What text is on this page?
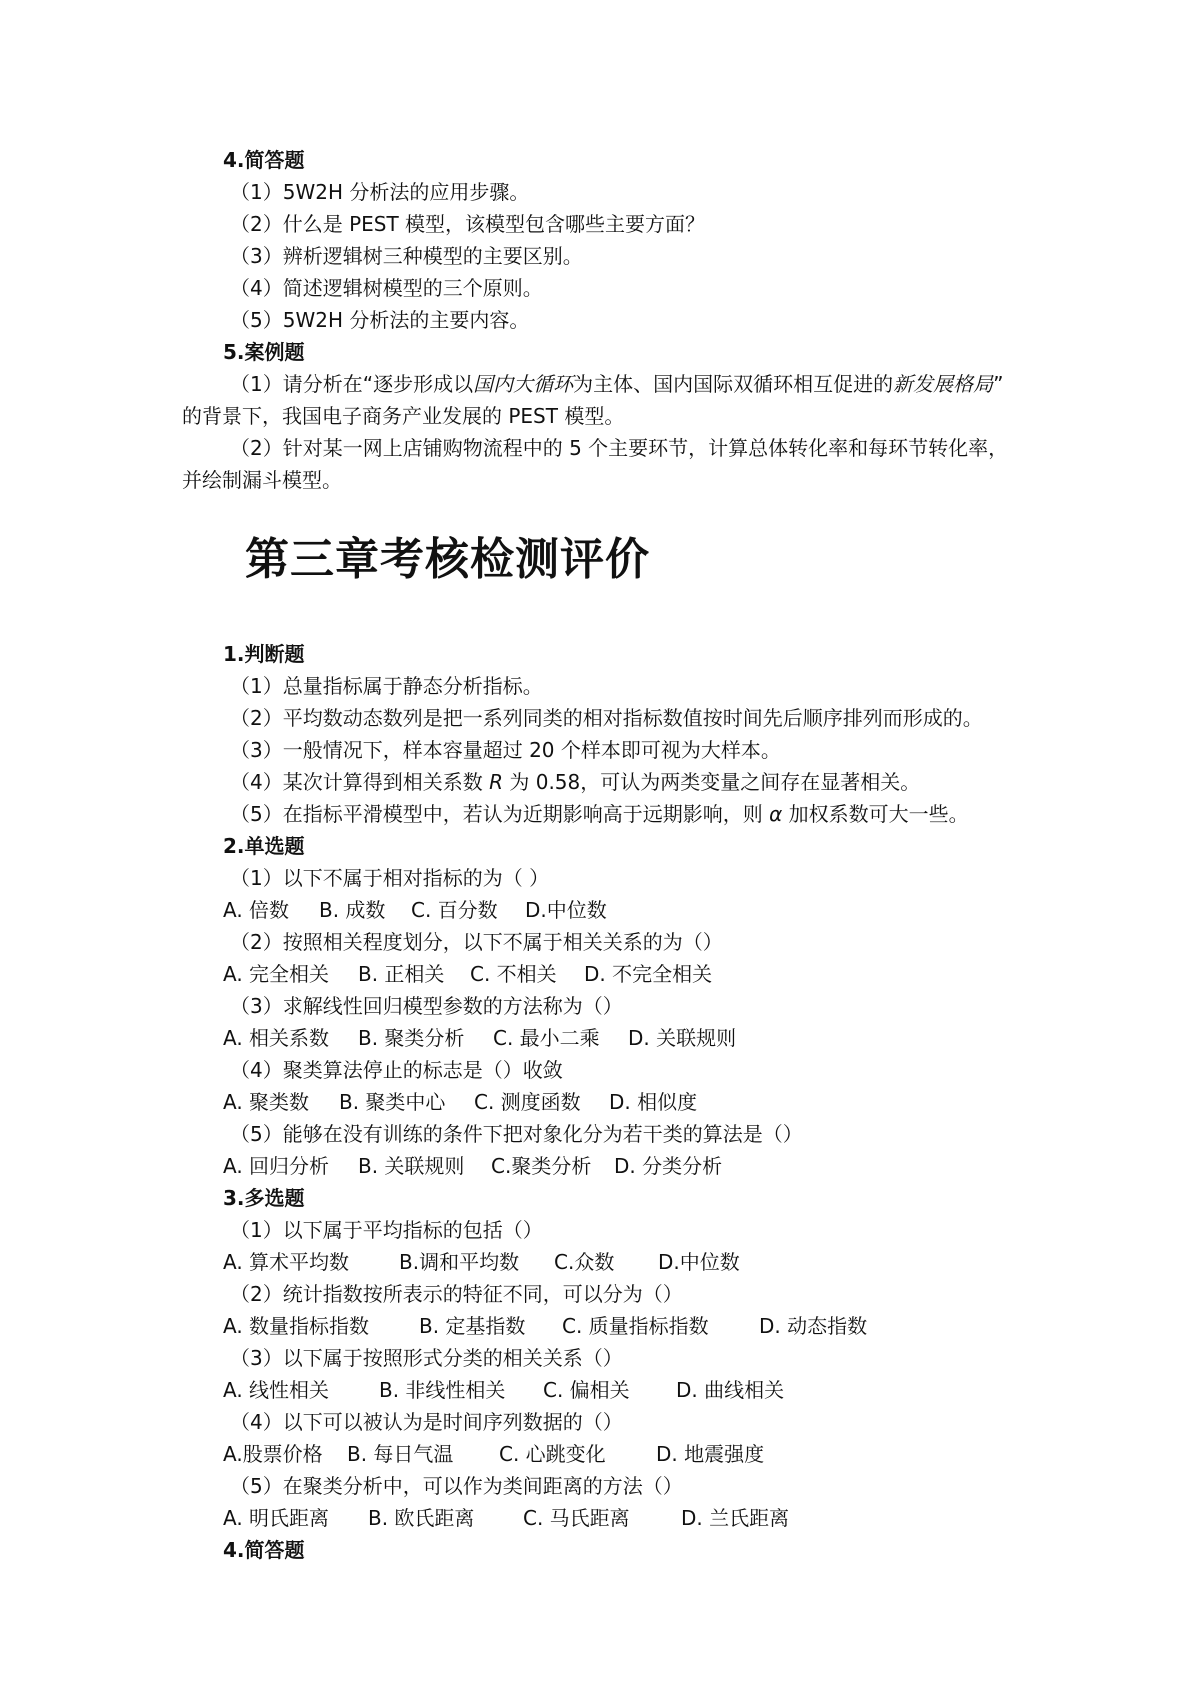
4.简答题
（1）5W2H 分析法的应用步骤。
（2）什么是 PEST 模型，该模型包含哪些主要方面？
（3）辨析逻辑树三种模型的主要区别。
（4）简述逻辑树模型的三个原则。
（5）5W2H 分析法的主要内容。
5.案例题
（1）请分析在“逐步形成以国内大循环为主体、国内国际双循环相互促进的新发展格局”
的背景下，我国电子商务产业发展的 PEST 模型。
（2）针对某一网上店铺购物流程中的 5 个主要环节，计算总体转化率和每环节转化率，
并绘制漏斗模型。
第三章考核检测评价
1.判断题
（1）总量指标属于静态分析指标。
（2）平均数动态数列是把一系列同类的相对指标数值按时间先后顺序排列而形成的。
（3）一般情况下，样本容量超过 20 个样本即可视为大样本。
（4）某次计算得到相关系数 R 为 0.58，可认为两类变量之间存在显著相关。
（5）在指标平滑模型中，若认为近期影响高于远期影响，则 α 加权系数可大一些。
2.单选题
（1）以下不属于相对指标的为（ ）
A. 倍数 B. 成数 C. 百分数 D.中位数
（2）按照相关程度划分，以下不属于相关关系的为（）
A. 完全相关 B. 正相关 C. 不相关 D. 不完全相关
（3）求解线性回归模型参数的方法称为（）
A. 相关系数 B. 聚类分析 C. 最小二乘 D. 关联规则
（4）聚类算法停止的标志是（）收敛
A. 聚类数 B. 聚类中心 C. 测度函数 D. 相似度
（5）能够在没有训练的条件下把对象化分为若干类的算法是（）
A. 回归分析 B. 关联规则 C.聚类分析 D. 分类分析
3.多选题
（1）以下属于平均指标的包括（）
A. 算术平均数 B.调和平均数 C.众数 D.中位数
（2）统计指数按所表示的特征不同，可以分为（）
A. 数量指标指数 B. 定基指数 C. 质量指标指数	D. 动态指数
（3）以下属于按照形式分类的相关关系（）
A. 线性相关 B. 非线性相关 C. 偏相关 D. 曲线相关
（4）以下可以被认为是时间序列数据的（）
A.股票价格 B. 每日气温 C. 心跳变化	D. 地震强度
（5）在聚类分析中，可以作为类间距离的方法（）
A. 明氏距离 B. 欧氏距离 C. 马氏距离	D. 兰氏距离
4.简答题
